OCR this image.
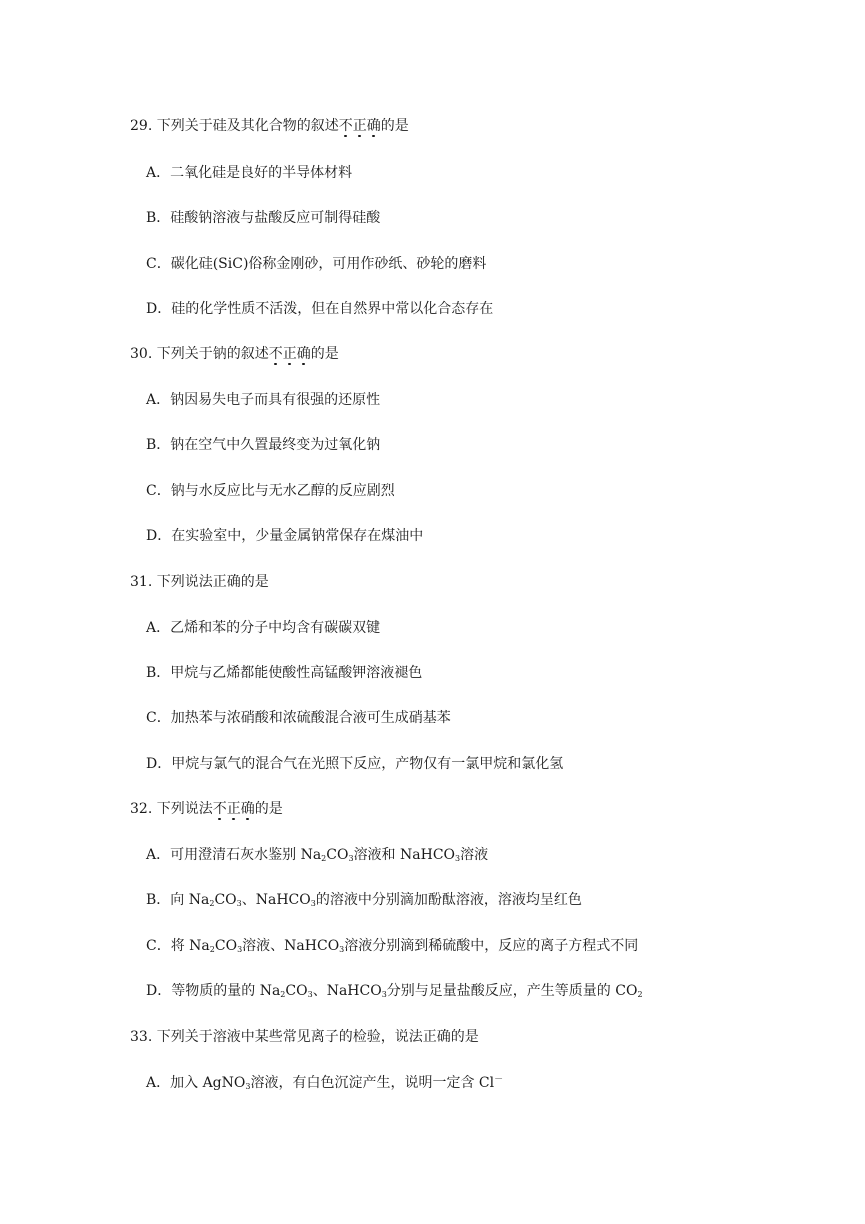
29. 下列关于硅及其化合物的叙述不正确的是
A．二氧化硅是良好的半导体材料
B．硅酸钠溶液与盐酸反应可制得硅酸
C．碳化硅(SiC)俗称金刚砂，可用作砂纸、砂轮的磨料
D．硅的化学性质不活泼，但在自然界中常以化合态存在
30. 下列关于钠的叙述不正确的是
A．钠因易失电子而具有很强的还原性
B．钠在空气中久置最终变为过氧化钠
C．钠与水反应比与无水乙醇的反应剧烈
D．在实验室中，少量金属钠常保存在煤油中
31. 下列说法正确的是
A．乙烯和苯的分子中均含有碳碳双键
B．甲烷与乙烯都能使酸性高锰酸钾溶液褪色
C．加热苯与浓硝酸和浓硫酸混合液可生成硝基苯
D．甲烷与氯气的混合气在光照下反应，产物仅有一氯甲烷和氯化氢
32. 下列说法不正确的是
A．可用澄清石灰水鉴别 $Na_2CO_3$溶液和 NaHCO$_3$溶液
B．向 $Na_2CO_3$、NaHCO$_3$的溶液中分别滴加酚酞溶液，溶液均呈红色
C．将 $Na_2CO_3$溶液、NaHCO$_3$溶液分别滴到稀硫酸中，反应的离子方程式不同
D．等物质的量的 $Na_2CO_3$、NaHCO$_3$分别与足量盐酸反应，产生等质量的 $CO_2$
33. 下列关于溶液中某些常见离子的检验，说法正确的是
A．加入 AgNO$_3$溶液，有白色沉淀产生，说明一定含 Cl－
